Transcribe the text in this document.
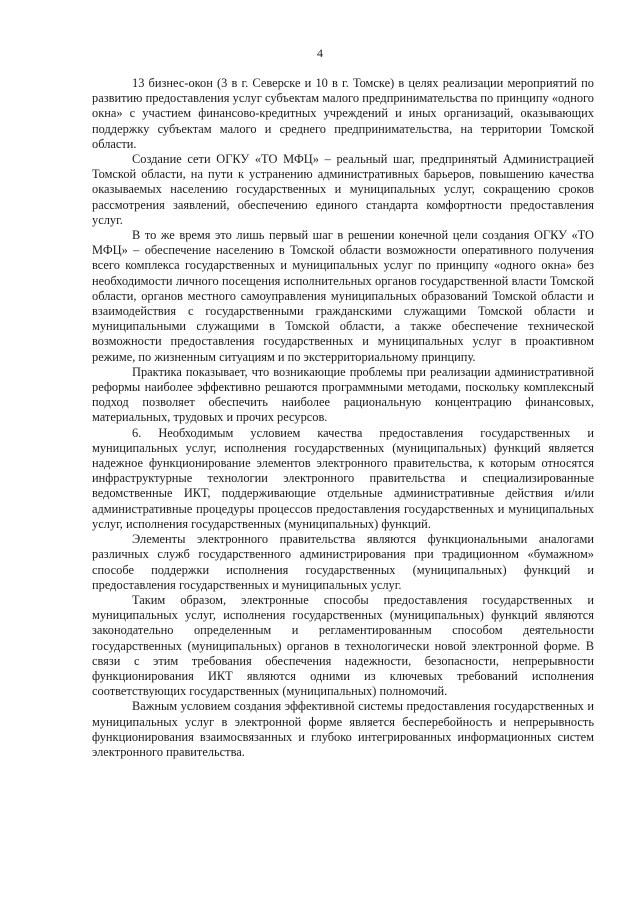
4

13 бизнес-окон (3 в г. Северске и 10 в г. Томске) в целях реализации мероприятий по развитию предоставления услуг субъектам малого предпринимательства по принципу «одного окна» с участием финансово-кредитных учреждений и иных организаций, оказывающих поддержку субъектам малого и среднего предпринимательства, на территории Томской области.

Создание сети ОГКУ «ТО МФЦ» – реальный шаг, предпринятый Администрацией Томской области, на пути к устранению административных барьеров, повышению качества оказываемых населению государственных и муниципальных услуг, сокращению сроков рассмотрения заявлений, обеспечению единого стандарта комфортности предоставления услуг.

В то же время это лишь первый шаг в решении конечной цели создания ОГКУ «ТО МФЦ» – обеспечение населению в Томской области возможности оперативного получения всего комплекса государственных и муниципальных услуг по принципу «одного окна» без необходимости личного посещения исполнительных органов государственной власти Томской области, органов местного самоуправления муниципальных образований Томской области и взаимодействия с государственными гражданскими служащими Томской области и муниципальными служащими в Томской области, а также обеспечение технической возможности предоставления государственных и муниципальных услуг в проактивном режиме, по жизненным ситуациям и по экстерриториальному принципу.

Практика показывает, что возникающие проблемы при реализации административной реформы наиболее эффективно решаются программными методами, поскольку комплексный подход позволяет обеспечить наиболее рациональную концентрацию финансовых, материальных, трудовых и прочих ресурсов.

6. Необходимым условием качества предоставления государственных и муниципальных услуг, исполнения государственных (муниципальных) функций является надежное функционирование элементов электронного правительства, к которым относятся инфраструктурные технологии электронного правительства и специализированные ведомственные ИКТ, поддерживающие отдельные административные действия и/или административные процедуры процессов предоставления государственных и муниципальных услуг, исполнения государственных (муниципальных) функций.

Элементы электронного правительства являются функциональными аналогами различных служб государственного администрирования при традиционном «бумажном» способе поддержки исполнения государственных (муниципальных) функций и предоставления государственных и муниципальных услуг.

Таким образом, электронные способы предоставления государственных и муниципальных услуг, исполнения государственных (муниципальных) функций являются законодательно определенным и регламентированным способом деятельности государственных (муниципальных) органов в технологически новой электронной форме. В связи с этим требования обеспечения надежности, безопасности, непрерывности функционирования ИКТ являются одними из ключевых требований исполнения соответствующих государственных (муниципальных) полномочий.

Важным условием создания эффективной системы предоставления государственных и муниципальных услуг в электронной форме является бесперебойность и непрерывность функционирования взаимосвязанных и глубоко интегрированных информационных систем электронного правительства.
